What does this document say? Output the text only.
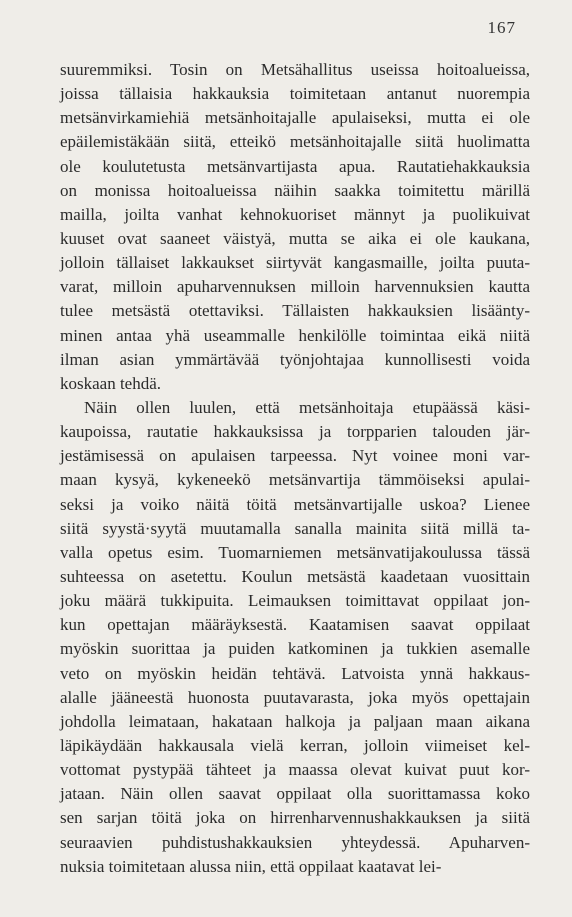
167
suuremmiksi. Tosin on Metsähallitus useissa hoitoalueissa,
joissa tällaisia hakkauksia toimitetaan antanut nuorempia
metsänvirkamiehiä metsänhoitajalle apulaiseksi, mutta ei ole
epäilemistäkään siitä, etteikö metsänhoitajalle siitä huolimatta
ole koulutetusta metsänvartijasta apua. Rautatiehakkauksia
on monissa hoitoalueissa näihin saakka toimitettu märillä
mailla, joilta vanhat kehnokuoriset männyt ja puolikuivat
kuuset ovat saaneet väistyä, mutta se aika ei ole kaukana,
jolloin tällaiset lakkaukset siirtyvät kangasmaille, joilta puuta-
varat, milloin apuharvennuksen milloin harvennuksien kautta
tulee metsästä otettaviksi. Tällaisten hakkauksien lisäänty-
minen antaa yhä useammalle henkilölle toimintaa eikä niitä
ilman asian ymmärtävää työnjohtajaa kunnollisesti voida
koskaan tehdä.
Näin ollen luulen, että metsänhoitaja etupäässä käsi-
kaupoissa, rautatie hakkauksissa ja torpparien talouden jär-
jestämisessä on apulaisen tarpeessa. Nyt voinee moni var-
maan kysyä, kykeneekö metsänvartija tämmöiseksi apulai-
seksi ja voiko näitä töitä metsänvartijalle uskoa? Lienee
siitä syystä·syytä muutamalla sanalla mainita siitä millä ta-
valla opetus esim. Tuomarniemen metsänvatijakoulussa tässä
suhteessa on asetettu. Koulun metsästä kaadetaan vuosittain
joku määrä tukkipuita. Leimauksen toimittavat oppilaat jon-
kun opettajan määräyksestä. Kaatamisen saavat oppilaat
myöskin suorittaa ja puiden katkominen ja tukkien asemalle
veto on myöskin heidän tehtävä. Latvoista ynnä hakkaus-
alalle jääneestä huonosta puutavarasta, joka myös opettajain
johdolla leimataan, hakataan halkoja ja paljaan maan aikana
läpikäydään hakkausala vielä kerran, jolloin viimeiset kel-
vottomat pystypää tähteet ja maassa olevat kuivat puut kor-
jataan. Näin ollen saavat oppilaat olla suorittamassa koko
sen sarjan töitä joka on hirrenharvennushakkauksen ja siitä
seuraavien puhdistushakkauksien yhteydessä. Apuharven-
nuksia toimitetaan alussa niin, että oppilaat kaatavat lei-
